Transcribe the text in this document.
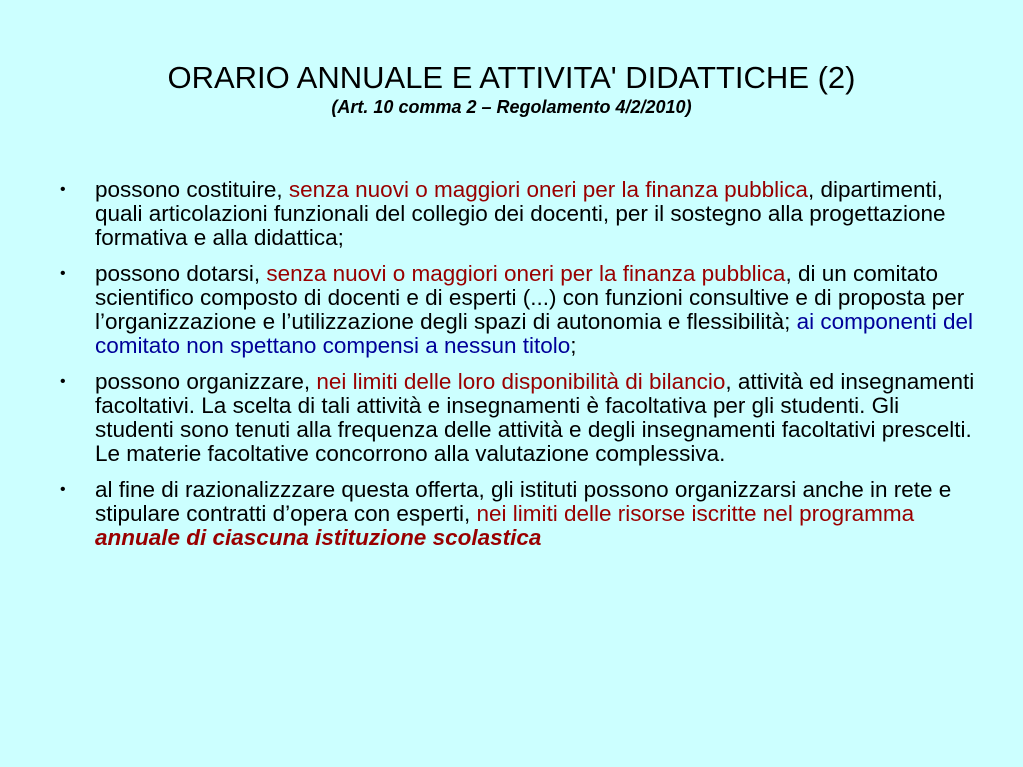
ORARIO ANNUALE E ATTIVITA' DIDATTICHE (2)
(Art. 10 comma 2 – Regolamento 4/2/2010)
•	possono costituire, senza nuovi o maggiori oneri per la finanza pubblica, dipartimenti, quali articolazioni funzionali del collegio dei docenti, per il sostegno alla progettazione formativa e alla didattica;
•	possono dotarsi, senza nuovi o maggiori oneri per la finanza pubblica, di un comitato scientifico composto di docenti e di esperti (...) con funzioni consultive e di proposta per l’organizzazione e l’utilizzazione degli spazi di autonomia e flessibilità; ai componenti del comitato non spettano compensi a nessun titolo;
•	possono organizzare, nei limiti delle loro disponibilità di bilancio, attività ed insegnamenti facoltativi. La scelta di tali attività e insegnamenti è facoltativa per gli studenti. Gli studenti sono tenuti alla frequenza delle attività e degli insegnamenti facoltativi prescelti. Le materie facoltative concorrono alla valutazione complessiva.
•	al fine di razionalizzzare questa offerta, gli istituti possono organizzarsi anche in rete e stipulare contratti d’opera con esperti, nei limiti delle risorse iscritte nel programma annuale di ciascuna istituzione scolastica
